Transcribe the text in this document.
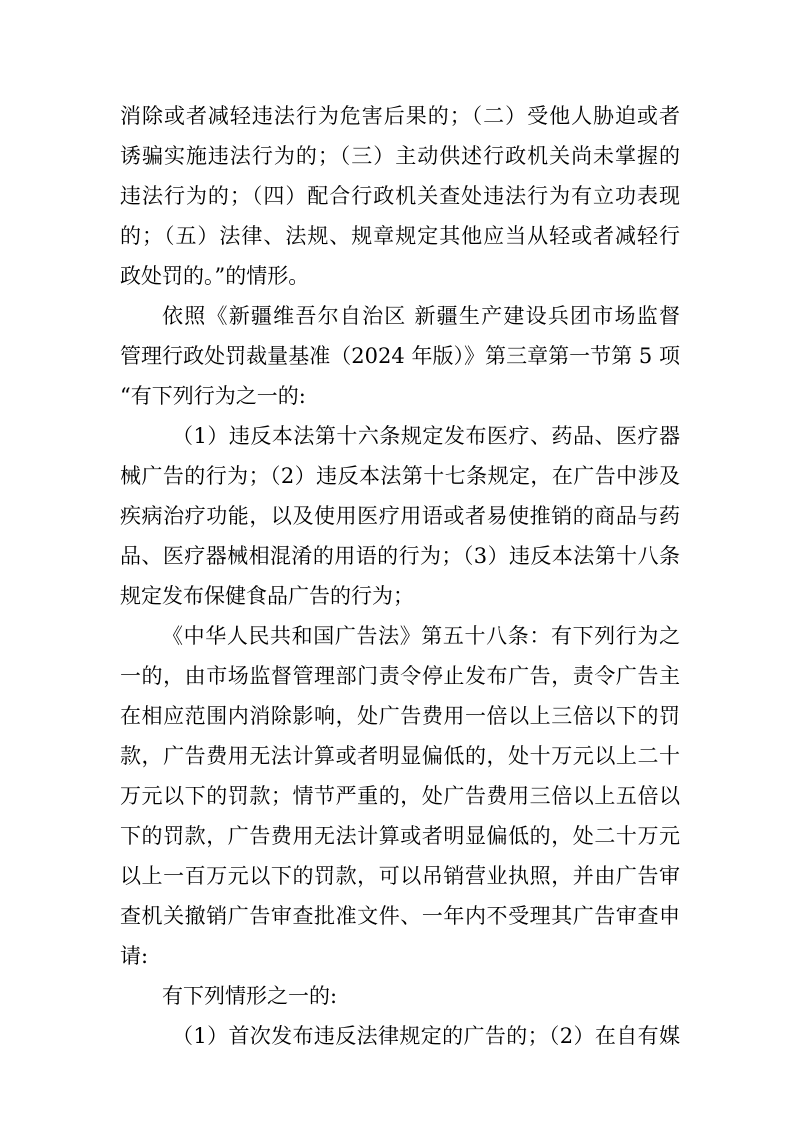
消除或者减轻违法行为危害后果的；（二）受他人胁迫或者
诱骗实施违法行为的；（三）主动供述行政机关尚未掌握的
违法行为的；（四）配合行政机关查处违法行为有立功表现
的；（五）法律、法规、规章规定其他应当从轻或者减轻行
政处罚的。”的情形。
依照《新疆维吾尔自治区 新疆生产建设兵团市场监督
管理行政处罚裁量基准（2024 年版）》第三章第一节第 5 项
“有下列行为之一的:
（1）违反本法第十六条规定发布医疗、药品、医疗器
械广告的行为；（2）违反本法第十七条规定，在广告中涉及
疾病治疗功能，以及使用医疗用语或者易使推销的商品与药
品、医疗器械相混淆的用语的行为；（3）违反本法第十八条
规定发布保健食品广告的行为；
《中华人民共和国广告法》第五十八条：有下列行为之
一的，由市场监督管理部门责令停止发布广告，责令广告主
在相应范围内消除影响，处广告费用一倍以上三倍以下的罚
款，广告费用无法计算或者明显偏低的，处十万元以上二十
万元以下的罚款；情节严重的，处广告费用三倍以上五倍以
下的罚款，广告费用无法计算或者明显偏低的，处二十万元
以上一百万元以下的罚款，可以吊销营业执照，并由广告审
查机关撤销广告审查批准文件、一年内不受理其广告审查申
请:
有下列情形之一的:
（1）首次发布违反法律规定的广告的；（2）在自有媒
